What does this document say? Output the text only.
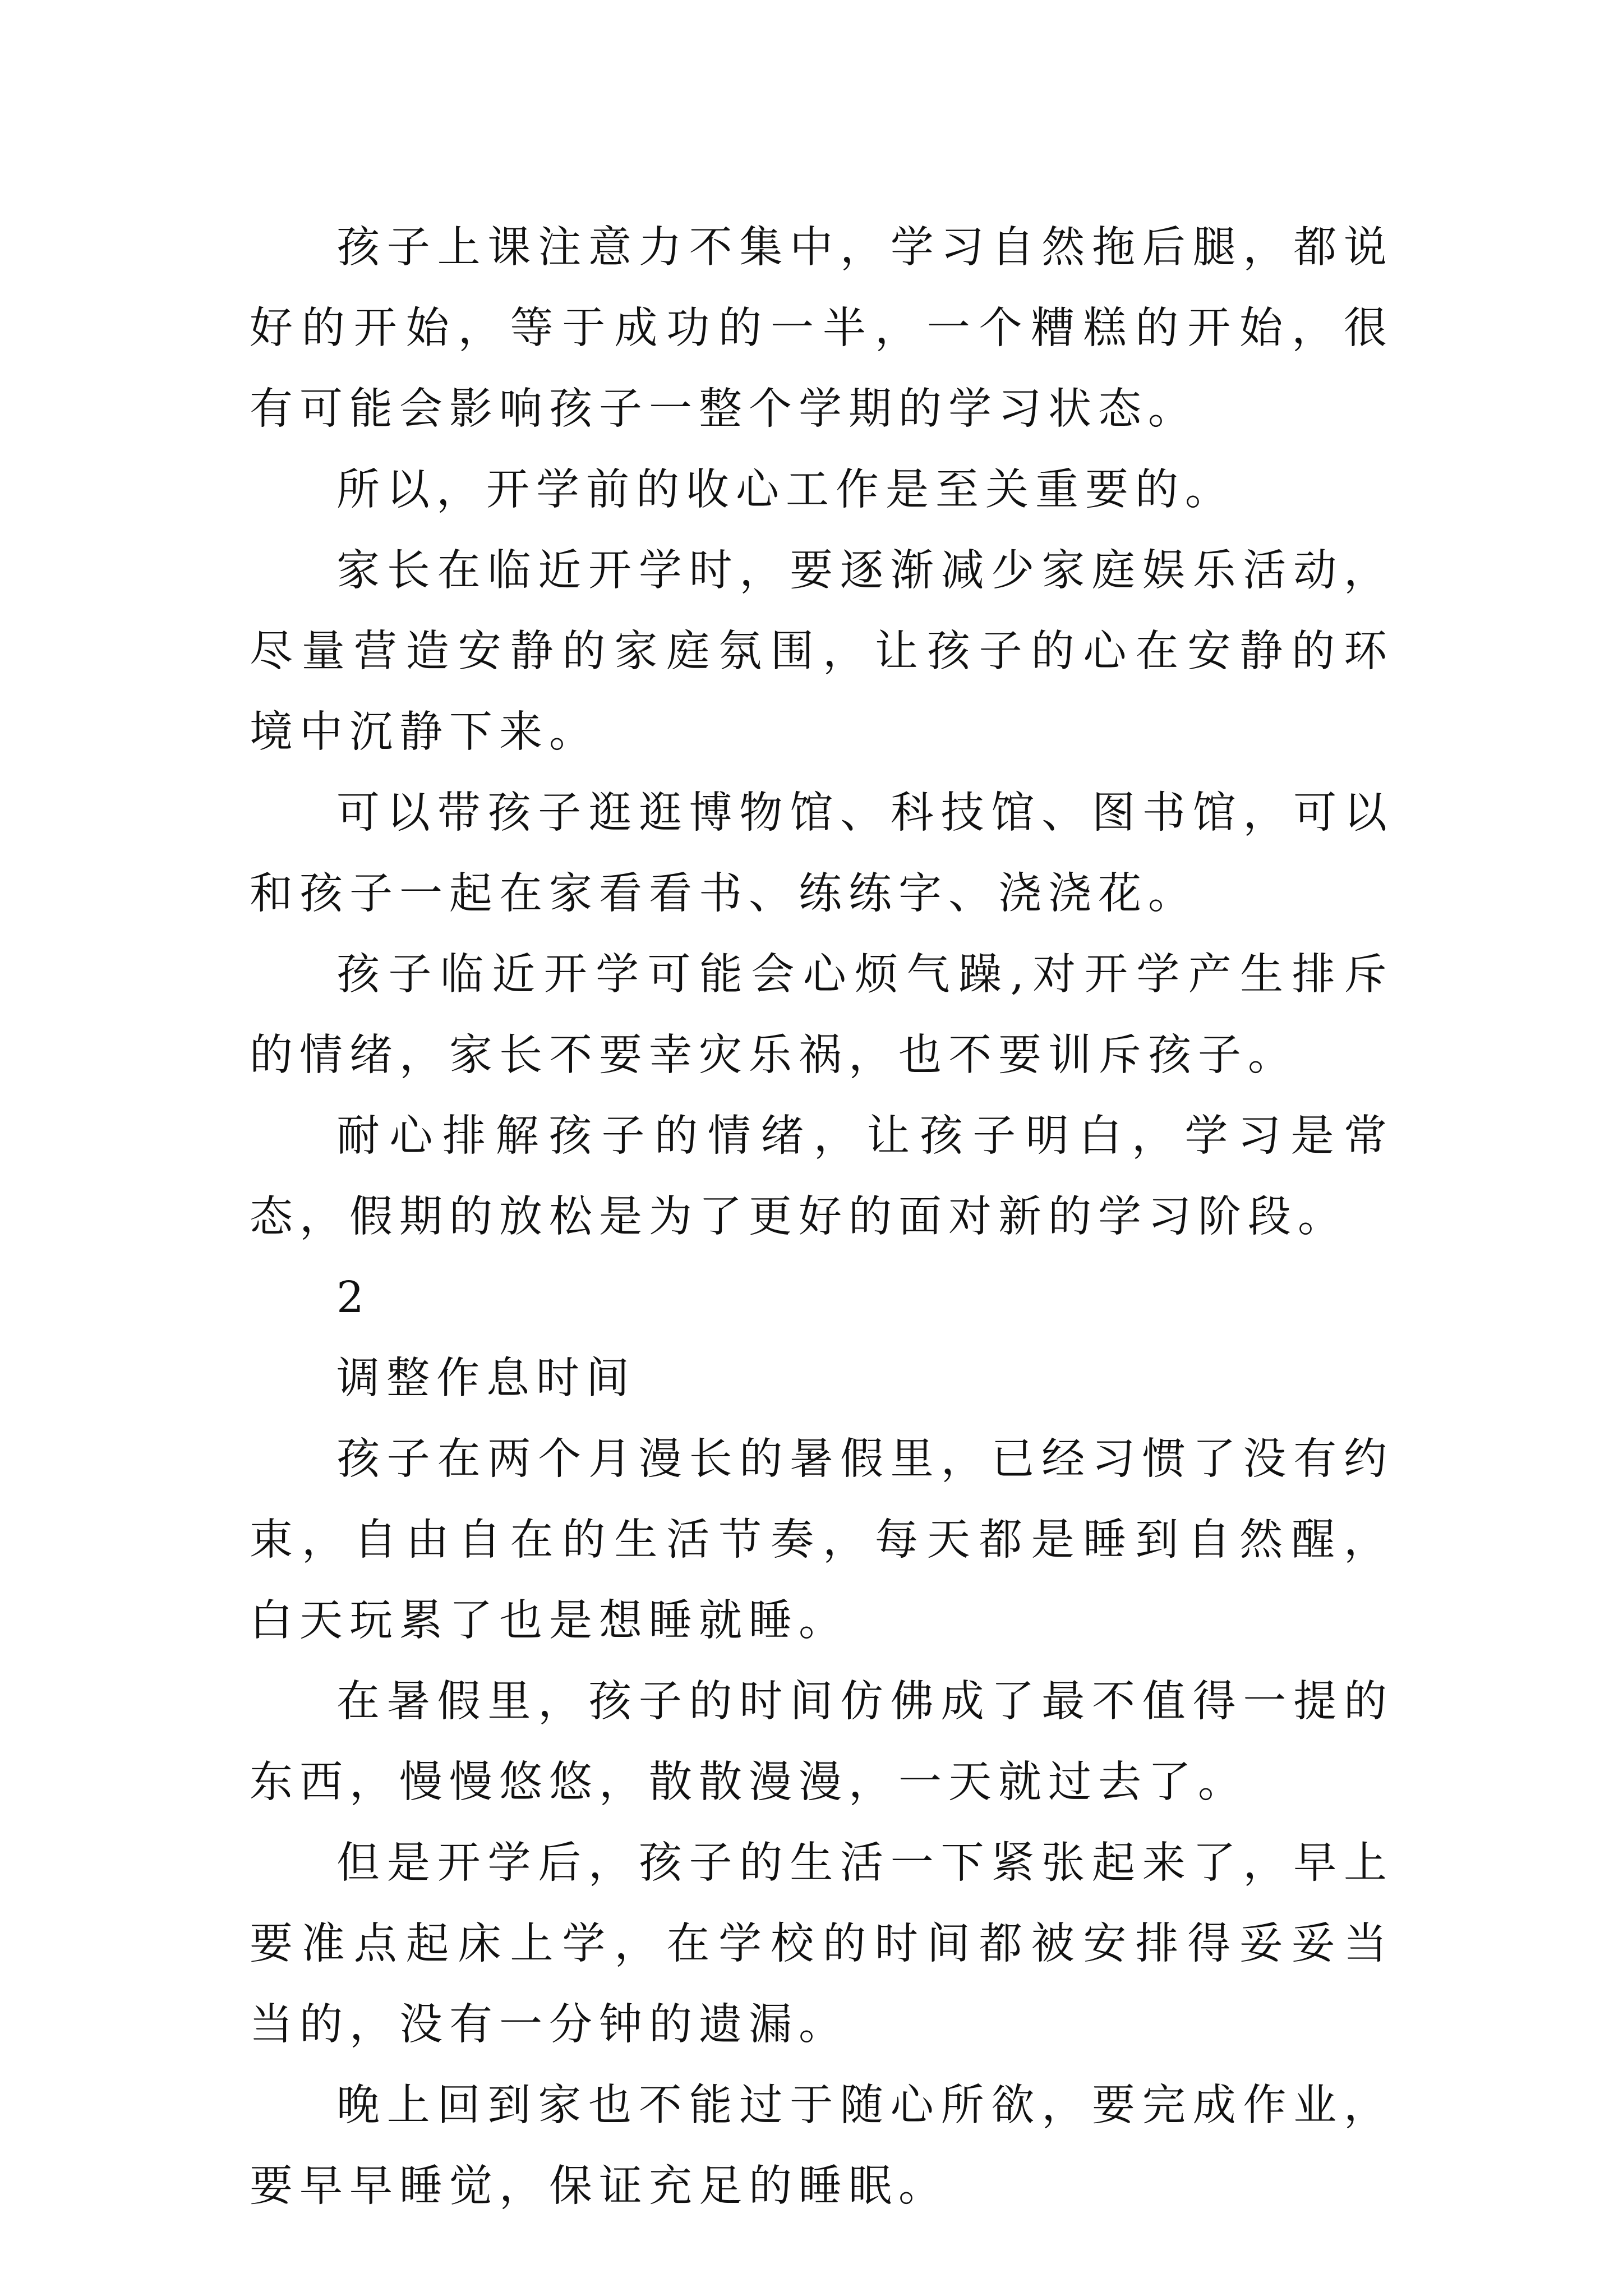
孩子上课注意力不集中，学习自然拖后腿，都说好的开始，等于成功的一半，一个糟糕的开始，很有可能会影响孩子一整个学期的学习状态。

所以，开学前的收心工作是至关重要的。

家长在临近开学时，要逐渐减少家庭娱乐活动，尽量营造安静的家庭氛围，让孩子的心在安静的环境中沉静下来。

可以带孩子逛逛博物馆、科技馆、图书馆，可以和孩子一起在家看看书、练练字、浇浇花。

孩子临近开学可能会心烦气躁,对开学产生排斥的情绪，家长不要幸灾乐祸，也不要训斥孩子。

耐心排解孩子的情绪，让孩子明白，学习是常态，假期的放松是为了更好的面对新的学习阶段。

2

调整作息时间

孩子在两个月漫长的暑假里，已经习惯了没有约束，自由自在的生活节奏，每天都是睡到自然醒，白天玩累了也是想睡就睡。

在暑假里，孩子的时间仿佛成了最不值得一提的东西，慢慢悠悠，散散漫漫，一天就过去了。

但是开学后，孩子的生活一下紧张起来了，早上要准点起床上学，在学校的时间都被安排得妥妥当当的，没有一分钟的遗漏。

晚上回到家也不能过于随心所欲，要完成作业，要早早睡觉，保证充足的睡眠。
